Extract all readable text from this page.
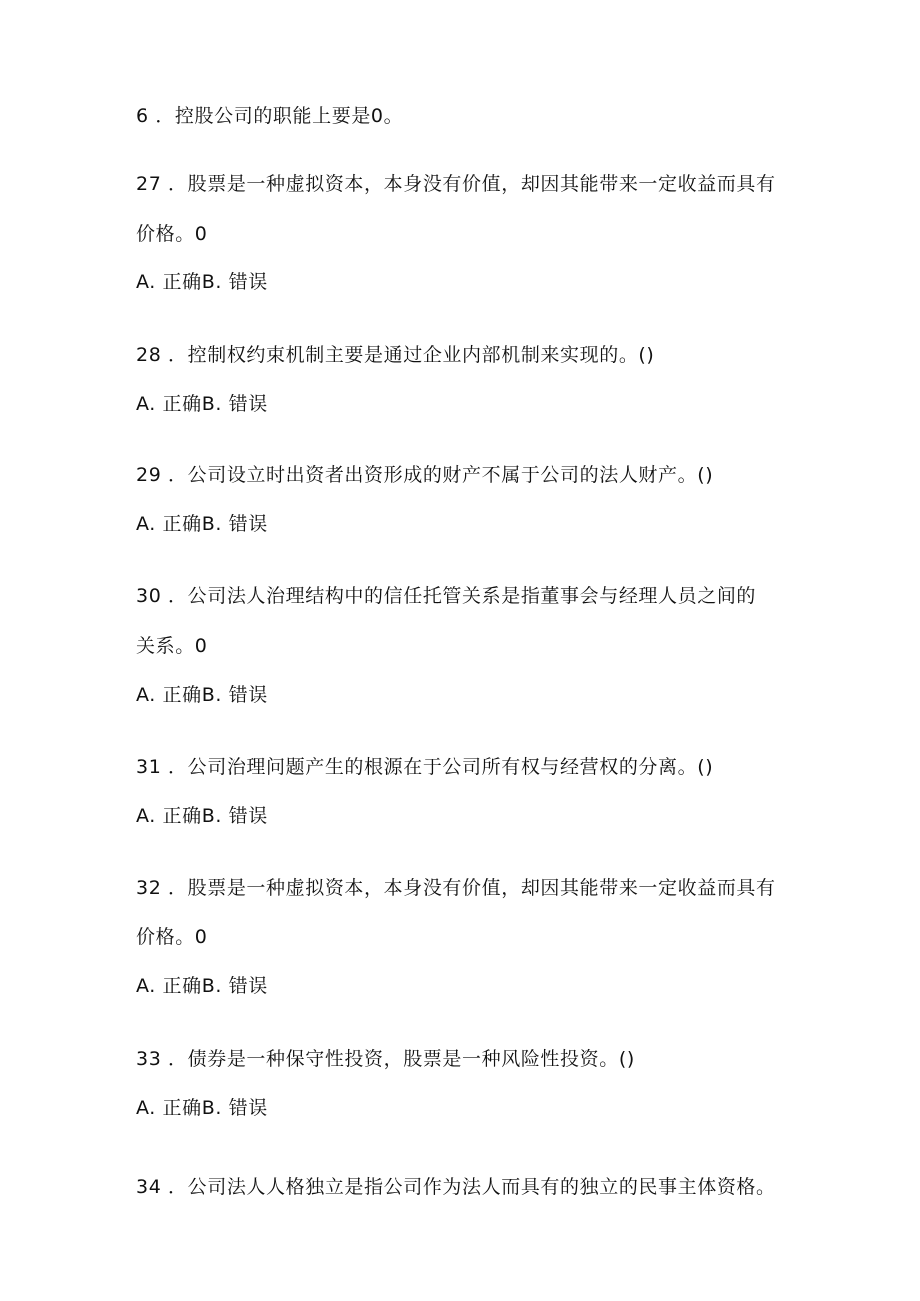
6 ．控股公司的职能上要是0。
27 ．股票是一种虚拟资本，本身没有价值，却因其能带来一定收益而具有
价格。0
A. 正确B. 错误
28 ．控制权约束机制主要是通过企业内部机制来实现的。()
A. 正确B. 错误
29 ．公司设立时出资者出资形成的财产不属于公司的法人财产。()
A. 正确B. 错误
30 ．公司法人治理结构中的信任托管关系是指董事会与经理人员之间的
关系。0
A. 正确B. 错误
31 ．公司治理问题产生的根源在于公司所有权与经营权的分离。()
A. 正确B. 错误
32 ．股票是一种虚拟资本，本身没有价值，却因其能带来一定收益而具有
价格。0
A. 正确B. 错误
33 ．债券是一种保守性投资，股票是一种风险性投资。()
A. 正确B. 错误
34 ．公司法人人格独立是指公司作为法人而具有的独立的民事主体资格。
